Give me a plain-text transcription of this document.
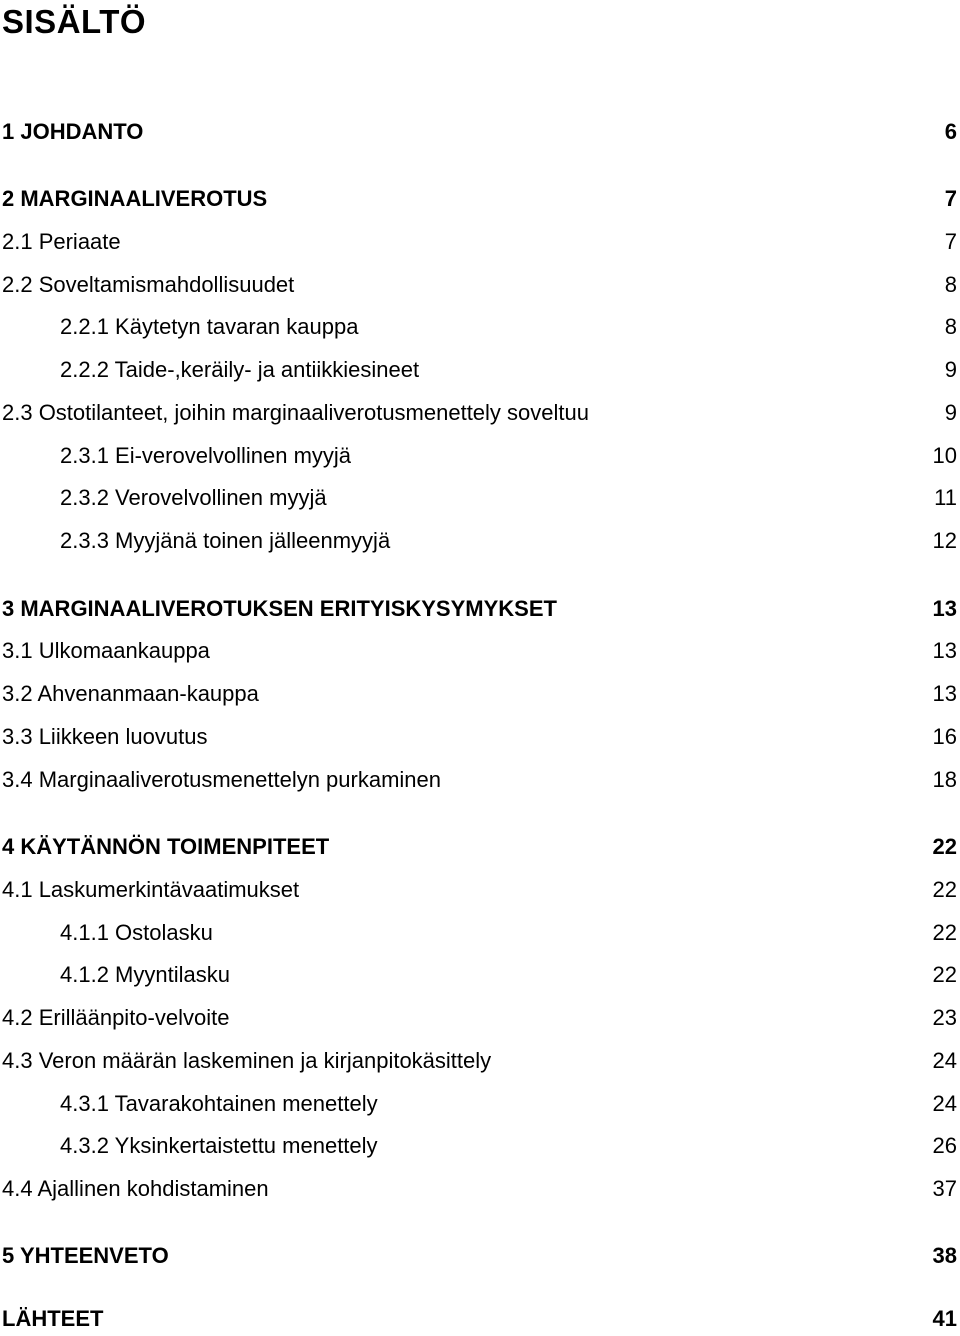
SISÄLTÖ
1 JOHDANTO	6
2 MARGINAALIVEROTUS	7
2.1 Periaate	7
2.2 Soveltamismahdollisuudet	8
2.2.1 Käytetyn tavaran kauppa	8
2.2.2 Taide-,keräily- ja antiikkiesineet	9
2.3 Ostotilanteet, joihin marginaaliverotusmenettely soveltuu	9
2.3.1 Ei-verovelvollinen myyjä	10
2.3.2 Verovelvollinen myyjä	11
2.3.3 Myyjänä toinen jälleenmyyjä	12
3 MARGINAALIVEROTUKSEN ERITYISKYSYMYKSET	13
3.1 Ulkomaankauppa	13
3.2 Ahvenanmaan-kauppa	13
3.3 Liikkeen luovutus	16
3.4 Marginaaliverotusmenettelyn purkaminen	18
4 KÄYTÄNNÖN TOIMENPITEET	22
4.1 Laskumerkintävaatimukset	22
4.1.1 Ostolasku	22
4.1.2 Myyntilasku	22
4.2 Erilläänpito-velvoite	23
4.3 Veron määrän laskeminen ja kirjanpitokäsittely	24
4.3.1 Tavarakohtainen menettely	24
4.3.2 Yksinkertaistettu menettely	26
4.4 Ajallinen kohdistaminen	37
5 YHTEENVETO	38
LÄHTEET	41
